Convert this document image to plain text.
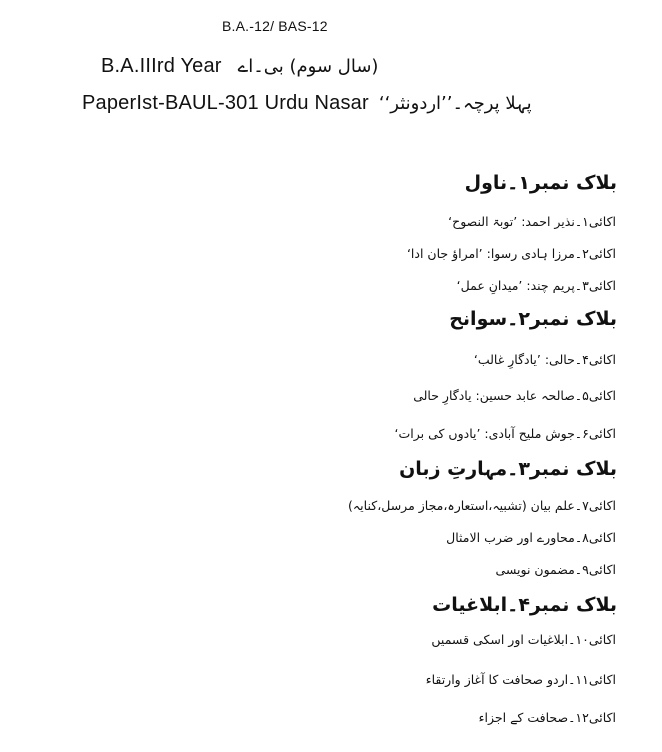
B.A.-12/ BAS-12
B.A.IIIrd Year (سال سوم) بی۔اے
PaperIst-BAUL-301 Urdu Nasar پہلا پرچہ۔’’اردونثر‘‘
بلاک نمبر۱۔ناول
اکائی۱۔نذیر احمد: ’توبۃ النصوح‘
اکائی۲۔مرزا ہادی رسوا: ’امراؤ جان ادا‘
اکائی۳۔پریم چند: ’میدانِ عمل‘
بلاک نمبر۲۔سوانح
اکائی۴۔حالی: ’یادگارِ غالب‘
اکائی۵۔صالحہ عابد حسین: یادگارِ حالی
اکائی۶۔جوش ملیح آبادی: ’یادوں کی برات‘
بلاک نمبر۳۔مہارتِ زبان
اکائی۷۔علم بیان (تشبیہ،استعارہ،مجاز مرسل،کنایہ)
اکائی۸۔محاورے اور ضرب الامثال
اکائی۹۔مضمون نویسی
بلاک نمبر۴۔ابلاغیات
اکائی۱۰۔ابلاغیات اور اسکی قسمیں
اکائی۱۱۔اردو صحافت کا آغاز وارتقاء
اکائی۱۲۔صحافت کے اجزاء
